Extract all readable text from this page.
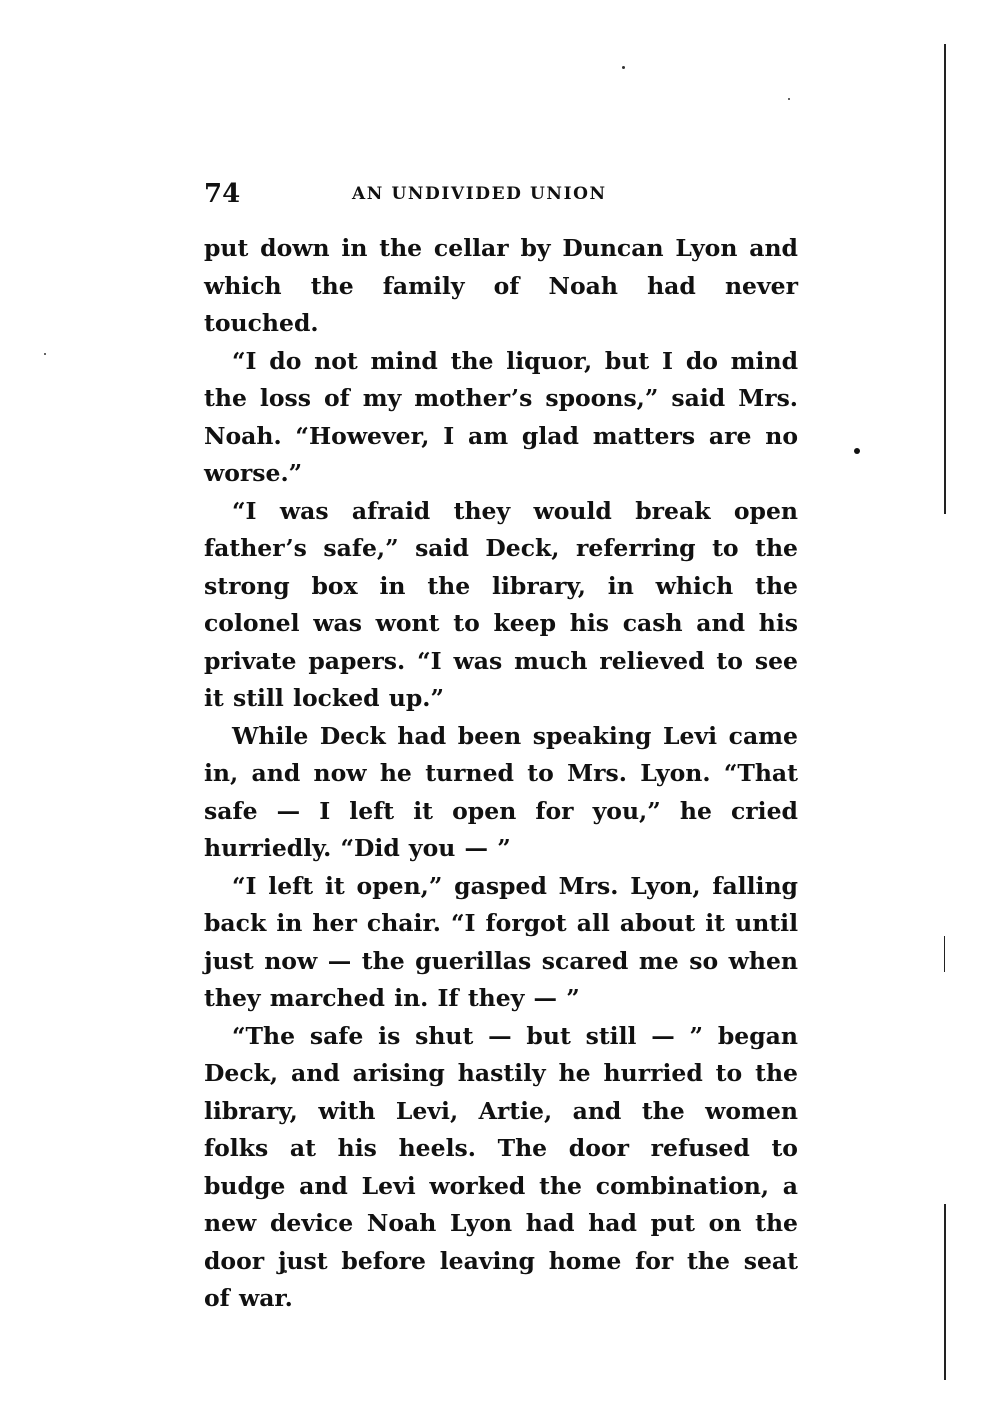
74	AN UNDIVIDED UNION

put down in the cellar by Duncan Lyon and which the family of Noah had never touched.

“I do not mind the liquor, but I do mind the loss of my mother’s spoons,” said Mrs. Noah. “However, I am glad matters are no worse.”

“I was afraid they would break open father’s safe,” said Deck, referring to the strong box in the library, in which the colonel was wont to keep his cash and his private papers. “I was much relieved to see it still locked up.”

While Deck had been speaking Levi came in, and now he turned to Mrs. Lyon. “That safe — I left it open for you,” he cried hurriedly. “Did you — ”

“I left it open,” gasped Mrs. Lyon, falling back in her chair. “I forgot all about it until just now — the guerillas scared me so when they marched in. If they — ”

“The safe is shut — but still — ” began Deck, and arising hastily he hurried to the library, with Levi, Artie, and the women folks at his heels. The door refused to budge and Levi worked the combination, a new device Noah Lyon had had put on the door just before leaving home for the seat of war.
